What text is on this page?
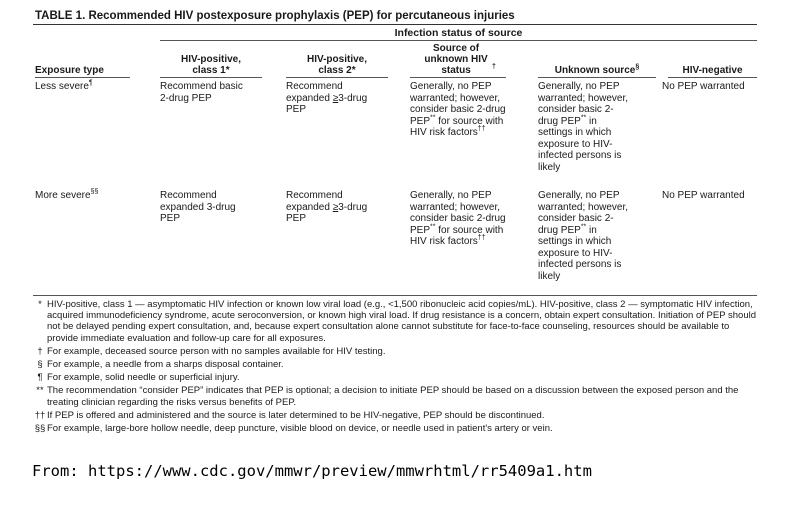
TABLE 1. Recommended HIV postexposure prophylaxis (PEP) for percutaneous injuries
Infection status of source
Exposure type	HIV-positive, class 1*	HIV-positive, class 2*	Source of unknown HIV status †	Unknown source§	HIV-negative

Less severe¶	Recommend basic 2-drug PEP	Recommend expanded ≥3-drug PEP	Generally, no PEP warranted; however, consider basic 2-drug PEP** for source with HIV risk factors††	Generally, no PEP warranted; however, consider basic 2-drug PEP** in settings in which exposure to HIV-infected persons is likely	No PEP warranted

More severe§§	Recommend expanded 3-drug PEP	Recommend expanded ≥3-drug PEP	Generally, no PEP warranted; however, consider basic 2-drug PEP** for source with HIV risk factors††	Generally, no PEP warranted; however, consider basic 2-drug PEP** in settings in which exposure to HIV-infected persons is likely	No PEP warranted

* HIV-positive, class 1 — asymptomatic HIV infection or known low viral load (e.g., <1,500 ribonucleic acid copies/mL). HIV-positive, class 2 — symptomatic HIV infection, acquired immunodeficiency syndrome, acute seroconversion, or known high viral load. If drug resistance is a concern, obtain expert consultation. Initiation of PEP should not be delayed pending expert consultation, and, because expert consultation alone cannot substitute for face-to-face counseling, resources should be available to provide immediate evaluation and follow-up care for all exposures.
† For example, deceased source person with no samples available for HIV testing.
§ For example, a needle from a sharps disposal container.
¶ For example, solid needle or superficial injury.
** The recommendation “consider PEP” indicates that PEP is optional; a decision to initiate PEP should be based on a discussion between the exposed person and the treating clinician regarding the risks versus benefits of PEP.
†† If PEP is offered and administered and the source is later determined to be HIV-negative, PEP should be discontinued.
§§ For example, large-bore hollow needle, deep puncture, visible blood on device, or needle used in patient's artery or vein.
From: https://www.cdc.gov/mmwr/preview/mmwrhtml/rr5409a1.htm
